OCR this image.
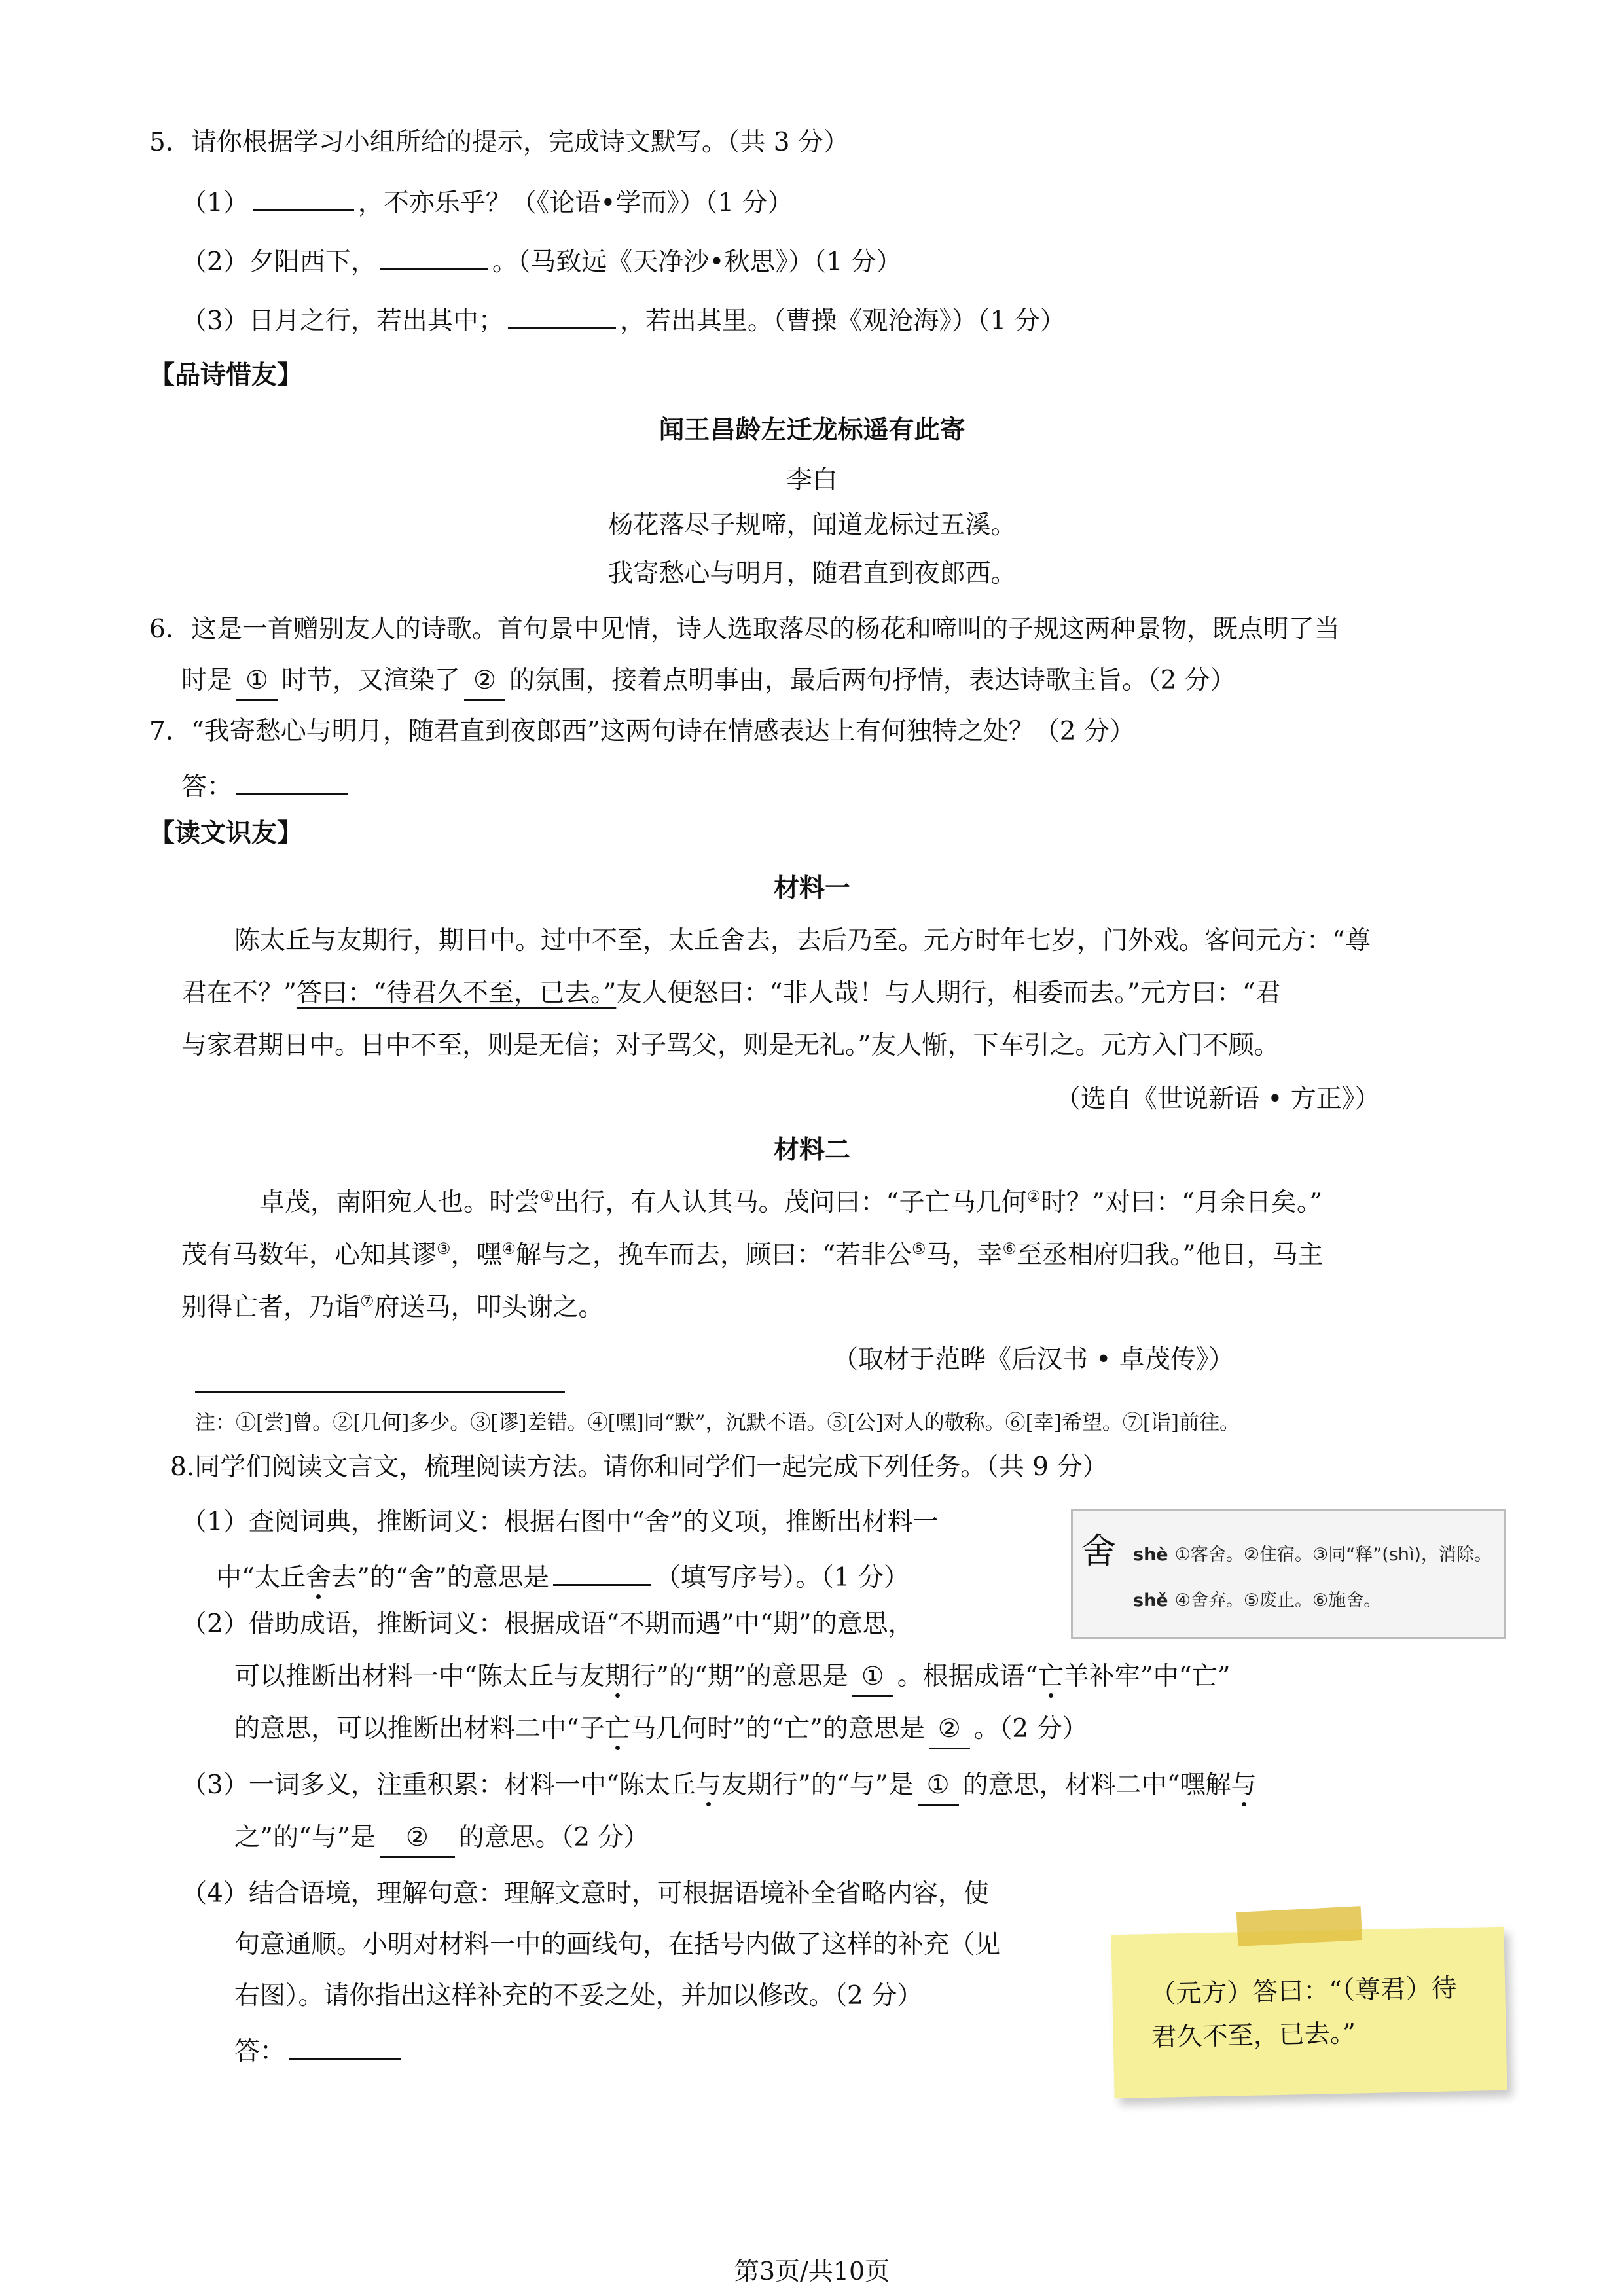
5．请你根据学习小组所给的提示，完成诗文默写。（共 3 分）
（1）	，不亦乐乎？（《论语•学而》）（1 分）
（2）夕阳西下，	。（马致远《天净沙•秋思》）（1 分）
（3）日月之行，若出其中；	，若出其里。（曹操《观沧海》）（1 分）
【品诗惜友】
闻王昌龄左迁龙标遥有此寄
李白
杨花落尽子规啼，闻道龙标过五溪。
我寄愁心与明月，随君直到夜郎西。
6．这是一首赠别友人的诗歌。首句景中见情，诗人选取落尽的杨花和啼叫的子规这两种景物，既点明了当
时是 ① 时节，又渲染了 ② 的氛围，接着点明事由，最后两句抒情，表达诗歌主旨。（2 分）
7．“我寄愁心与明月，随君直到夜郎西”这两句诗在情感表达上有何独特之处？（2 分）
答：
【读文识友】
材料一
陈太丘与友期行，期日中。过中不至，太丘舍去，去后乃至。元方时年七岁，门外戏。客问元方：“尊
君在不？”答曰：“待君久不至，已去。”友人便怒曰：“非人哉！与人期行，相委而去。”元方曰：“君
与家君期日中。日中不至，则是无信；对子骂父，则是无礼。”友人惭，下车引之。元方入门不顾。
（选自《世说新语 • 方正》）
材料二
卓茂，南阳宛人也。时尝①出行，有人认其马。茂问曰：“子亡马几何②时？”对曰：“月余日矣。”
茂有马数年，心知其谬③，嘿④解与之，挽车而去，顾曰：“若非公⑤马，幸⑥至丞相府归我。”他日，马主
别得亡者，乃诣⑦府送马，叩头谢之。
（取材于范晔《后汉书 • 卓茂传》）
注：①[尝]曾。②[几何]多少。③[谬]差错。④[嘿]同“默”，沉默不语。⑤[公]对人的敬称。⑥[幸]希望。⑦[诣]前往。
8.同学们阅读文言文，梳理阅读方法。请你和同学们一起完成下列任务。（共 9 分）
（1）查阅词典，推断词义：根据右图中“舍”的义项，推断出材料一
中“太丘舍去”的“舍”的意思是	（填写序号）。（1 分）
舍 shè ①客舍。②住宿。③同“释”(shì)，消除。
shě ④舍弃。⑤废止。⑥施舍。
（2）借助成语，推断词义：根据成语“不期而遇”中“期”的意思，
可以推断出材料一中“陈太丘与友期行”的“期”的意思是 ① 。根据成语“亡羊补牢”中“亡”
的意思，可以推断出材料二中“子亡马几何时”的“亡”的意思是 ② 。（2 分）
（3）一词多义，注重积累：材料一中“陈太丘与友期行”的“与”是 ① 的意思，材料二中“嘿解与
之”的“与”是 ② 的意思。（2 分）
（4）结合语境，理解句意：理解文意时，可根据语境补全省略内容，使
句意通顺。小明对材料一中的画线句，在括号内做了这样的补充（见
右图）。请你指出这样补充的不妥之处，并加以修改。（2 分）
答：
（元方）答曰：“（尊君）待
君久不至，已去。”
第3页/共10页
